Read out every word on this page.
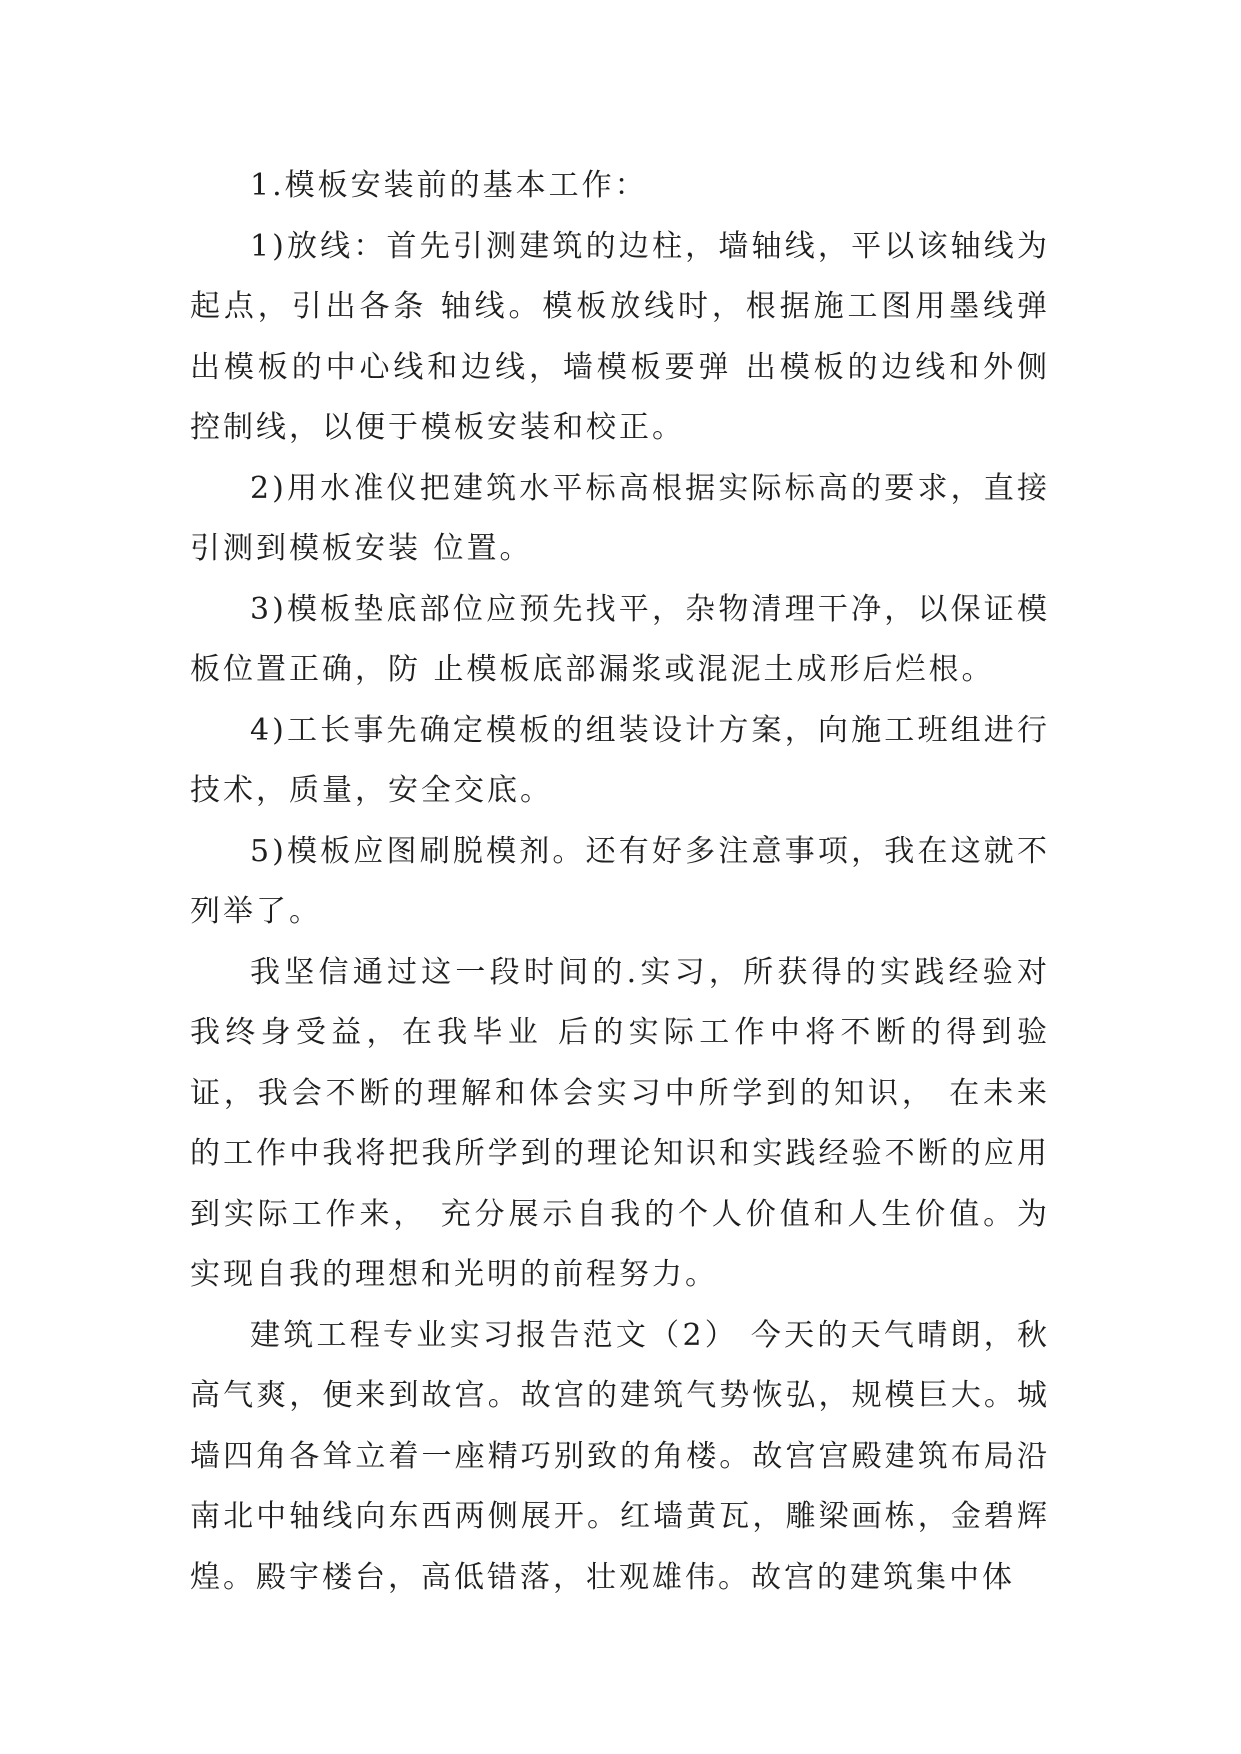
1.模板安装前的基本工作：

1)放线：首先引测建筑的边柱，墙轴线，平以该轴线为起点，引出各条 轴线。模板放线时，根据施工图用墨线弹出模板的中心线和边线，墙模板要弹 出模板的边线和外侧控制线，以便于模板安装和校正。

2)用水准仪把建筑水平标高根据实际标高的要求，直接引测到模板安装 位置。

3)模板垫底部位应预先找平，杂物清理干净，以保证模板位置正确，防 止模板底部漏浆或混泥土成形后烂根。

4)工长事先确定模板的组装设计方案，向施工班组进行技术，质量，安全交底。

5)模板应图刷脱模剂。还有好多注意事项，我在这就不列举了。

我坚信通过这一段时间的.实习，所获得的实践经验对我终身受益，在我毕业 后的实际工作中将不断的得到验证，我会不断的理解和体会实习中所学到的知识， 在未来的工作中我将把我所学到的理论知识和实践经验不断的应用到实际工作来， 充分展示自我的个人价值和人生价值。为实现自我的理想和光明的前程努力。

建筑工程专业实习报告范文（2） 今天的天气晴朗，秋高气爽，便来到故宫。故宫的建筑气势恢弘，规模巨大。城墙四角各耸立着一座精巧别致的角楼。故宫宫殿建筑布局沿南北中轴线向东西两侧展开。红墙黄瓦，雕梁画栋，金碧辉煌。殿宇楼台，高低错落，壮观雄伟。故宫的建筑集中体
